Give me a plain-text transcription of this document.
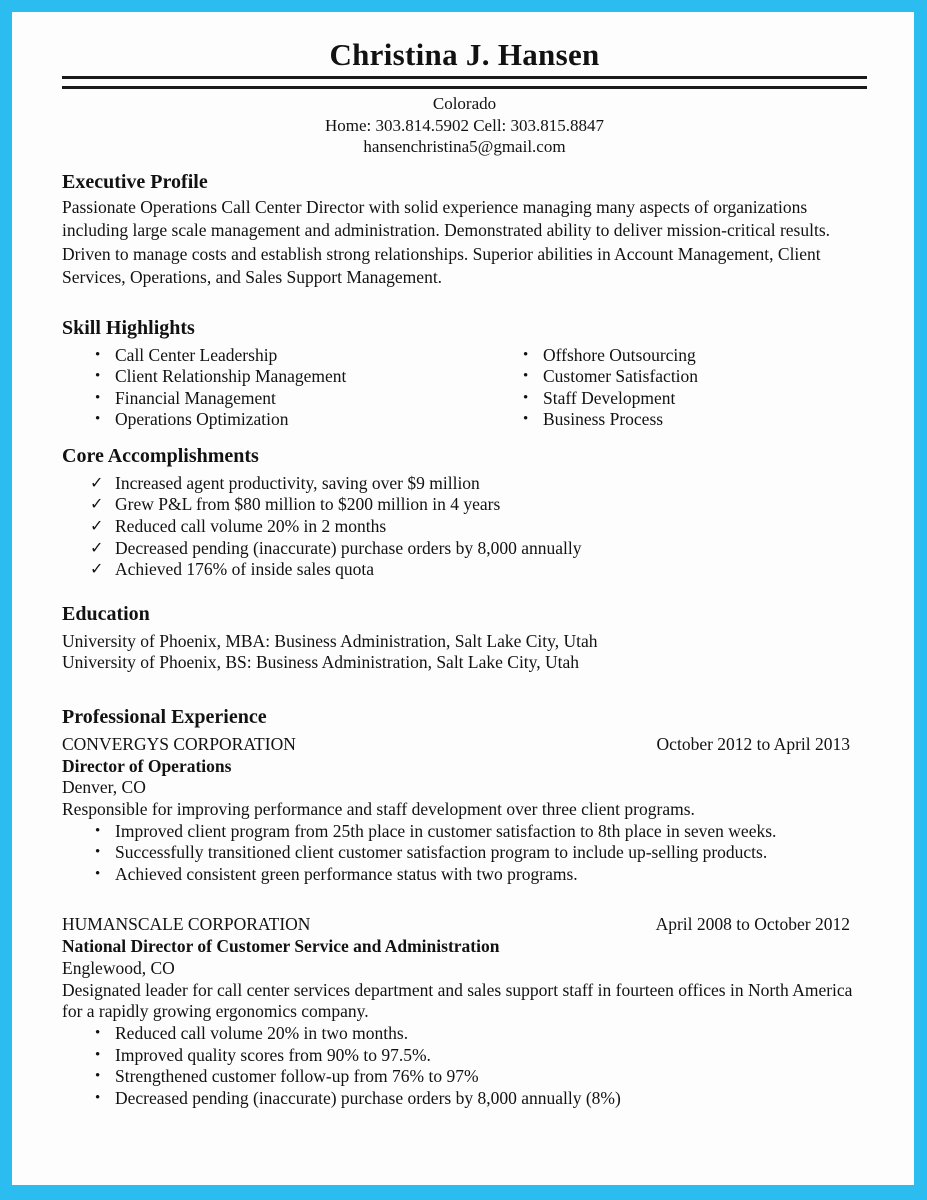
Christina J. Hansen
Colorado
Home: 303.814.5902 Cell: 303.815.8847
hansenchristina5@gmail.com
Executive Profile
Passionate Operations Call Center Director with solid experience managing many aspects of organizations including large scale management and administration. Demonstrated ability to deliver mission-critical results. Driven to manage costs and establish strong relationships. Superior abilities in Account Management, Client Services, Operations, and Sales Support Management.
Skill Highlights
• Call Center Leadership
• Client Relationship Management
• Financial Management
• Operations Optimization
• Offshore Outsourcing
• Customer Satisfaction
• Staff Development
• Business Process
Core Accomplishments
✓ Increased agent productivity, saving over $9 million
✓ Grew P&L from $80 million to $200 million in 4 years
✓ Reduced call volume 20% in 2 months
✓ Decreased pending (inaccurate) purchase orders by 8,000 annually
✓ Achieved 176% of inside sales quota
Education
University of Phoenix, MBA: Business Administration, Salt Lake City, Utah
University of Phoenix, BS: Business Administration, Salt Lake City, Utah
Professional Experience
CONVERGYS CORPORATION	October 2012 to April 2013
Director of Operations
Denver, CO
Responsible for improving performance and staff development over three client programs.
• Improved client program from 25th place in customer satisfaction to 8th place in seven weeks.
• Successfully transitioned client customer satisfaction program to include up-selling products.
• Achieved consistent green performance status with two programs.
HUMANSCALE CORPORATION	April 2008 to October 2012
National Director of Customer Service and Administration
Englewood, CO
Designated leader for call center services department and sales support staff in fourteen offices in North America for a rapidly growing ergonomics company.
• Reduced call volume 20% in two months.
• Improved quality scores from 90% to 97.5%.
• Strengthened customer follow-up from 76% to 97%
• Decreased pending (inaccurate) purchase orders by 8,000 annually (8%)
